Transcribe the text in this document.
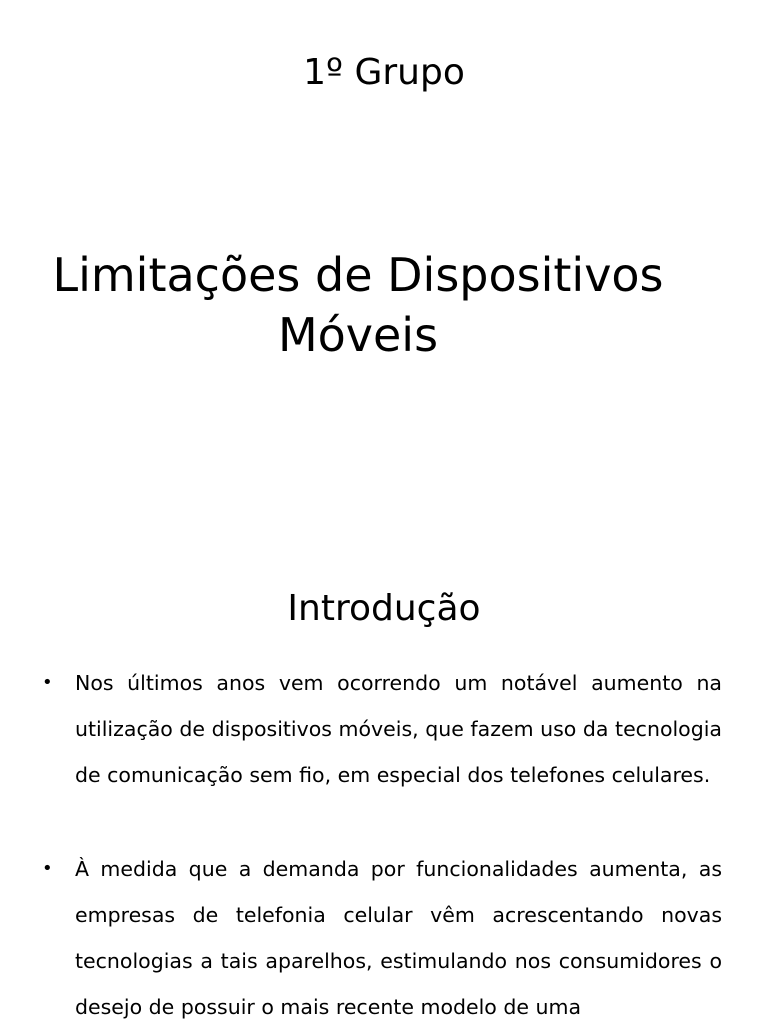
1º Grupo
Limitações de Dispositivos
Móveis
Introdução
• Nos últimos anos vem ocorrendo um notável aumento na utilização de dispositivos móveis, que fazem uso da tecnologia de comunicação sem fio, em especial dos telefones celulares.
• À medida que a demanda por funcionalidades aumenta, as empresas de telefonia celular vêm acrescentando novas tecnologias a tais aparelhos, estimulando nos consumidores o desejo de possuir o mais recente modelo de uma
